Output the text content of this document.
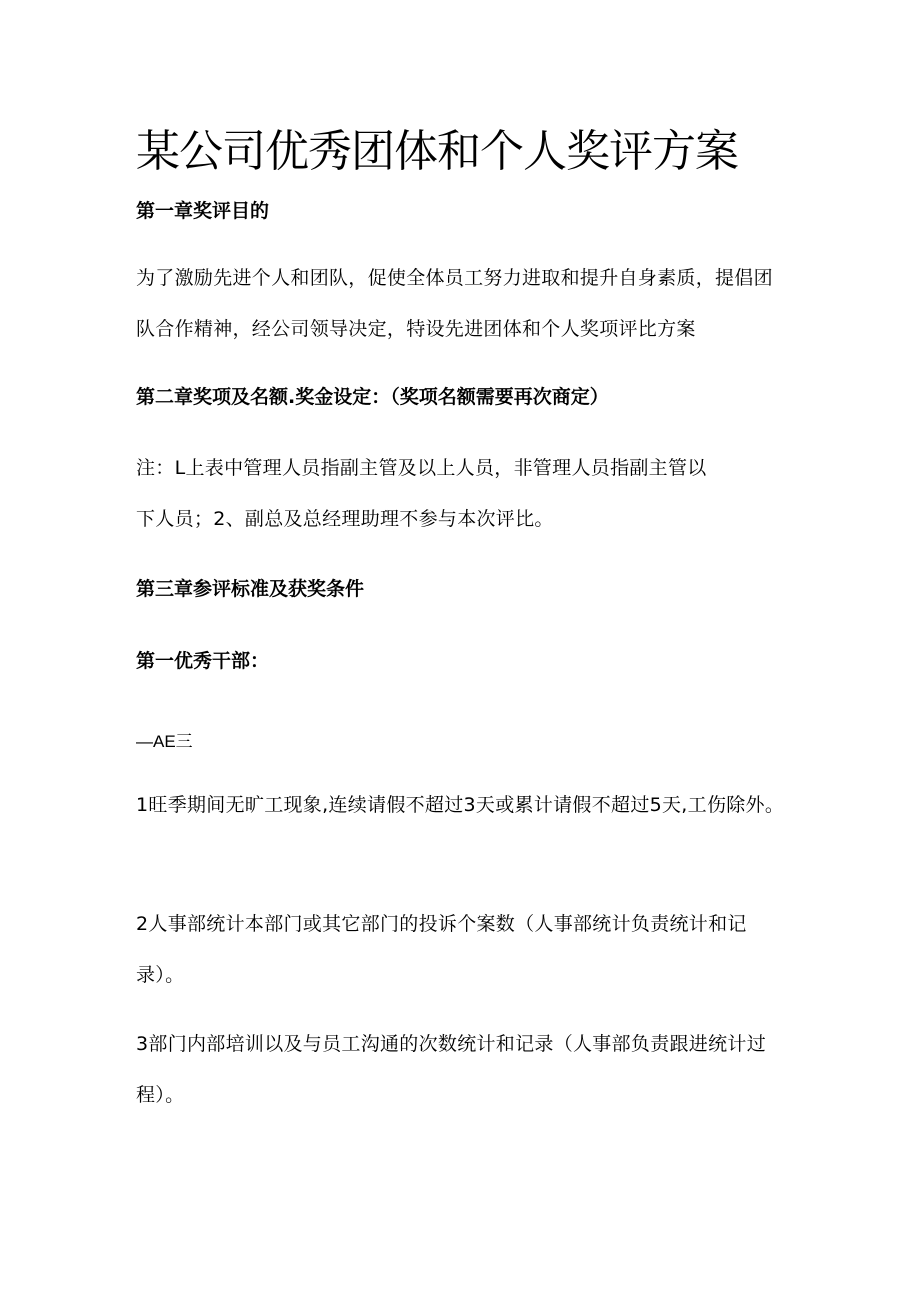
某公司优秀团体和个人奖评方案
第一章奖评目的

为了激励先进个人和团队，促使全体员工努力进取和提升自身素质，提倡团队合作精神，经公司领导决定，特设先进团体和个人奖项评比方案

第二章奖项及名额.奖金设定：（奖项名额需要再次商定）

注：L上表中管理人员指副主管及以上人员，非管理人员指副主管以

下人员；2、副总及总经理助理不参与本次评比。

第三章参评标准及获奖条件
第一优秀干部：

—AE三

1旺季期间无旷工现象,连续请假不超过3天或累计请假不超过5天,工伤除外。

2人事部统计本部门或其它部门的投诉个案数（人事部统计负责统计和记录）。

3部门内部培训以及与员工沟通的次数统计和记录（人事部负责跟进统计过程）。
